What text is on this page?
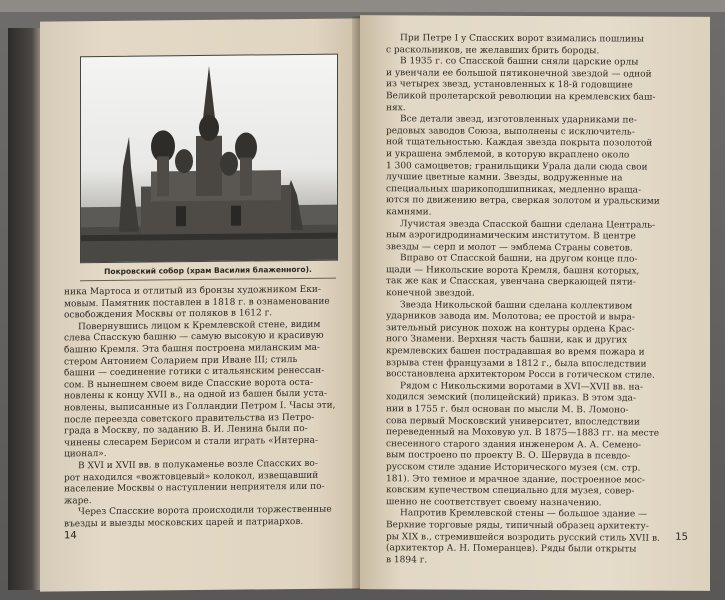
Покровский собор (храм Василия блаженного).
ника Мартоса и отлитый из бронзы художником Еки-
мовым. Памятник поставлен в 1818 г. в ознаменование
освобождения Москвы от поляков в 1612 г.
Повернувшись лицом к Кремлевской стене, видим
слева Спасскую башню — самую высокую и красивую
башню Кремля. Эта башня построена миланским ма-
стером Антонием Соларием при Иване III; стиль
башни — соединение готики с итальянским ренессан-
сом. В нынешнем своем виде Спасские ворота оста-
новлены к концу XVII в., на одной из башен были уста-
новлены, выписанные из Голландии Петром I. Часы эти,
после переезда советского правительства из Петро-
града в Москву, по заданию В. И. Ленина были по-
чинены слесарем Берисом и стали играть «Интерна-
ционал».
В XVI и XVII вв. в полукаменье возле Спасских во-
рот находился «вожтовцевый» колокол, извещавший
население Москвы о наступлении неприятеля или по-
жаре.
Через Спасские ворота происходили торжественные
въезды и выезды московских царей и патриархов.
14
При Петре I у Спасских ворот взимались пошлины
с раскольников, не желавших брить бороды.
В 1935 г. со Спасской башни сняли царские орлы
и увенчали ее большой пятиконечной звездой — одной
из четырех звезд, установленных к 18-й годовщине
Великой пролетарской революции на кремлевских баш-
нях.
Все детали звезд, изготовленных ударниками пе-
редовых заводов Союза, выполнены с исключитель-
ной тщательностью. Каждая звезда покрыта позолотой
и украшена эмблемой, в которую вкраплено около
1 300 самоцветов; гранильщики Урала дали сюда свои
лучшие цветные камни. Звезды, водруженные на
специальных шарикоподшипниках, медленно враща-
ются по движению ветра, сверкая золотом и уральскими
камнями.
Лучистая звезда Спасской башни сделана Централь-
ным аэрогидродинамическим институтом. В центре
звезды — серп и молот — эмблема Страны советов.
Вправо от Спасской башни, на другом конце пло-
щади — Никольские ворота Кремля, башня которых,
так же как и Спасская, увенчана сверкающей пяти-
конечной звездой.
Звезда Никольской башни сделана коллективом
ударников завода им. Молотова; ее простой и выра-
зительный рисунок похож на контуры ордена Крас-
ного Знамени. Верхняя часть башни, как и других
кремлевских башен пострадавшая во время пожара и
взрыва стен французами в 1812 г., была впоследствии
восстановлена архитектором Росси в готическом стиле.
Рядом с Никольскими воротами в XVI—XVII вв. на-
ходился земский (полицейский) приказ. В этом зда-
нии в 1755 г. был основан по мысли М. В. Ломоно-
сова первый Московский университет, впоследствии
переведенный на Моховую ул. В 1875—1883 гг. на месте
снесенного старого здания инженером А. А. Семено-
вым построено по проекту В. О. Шервуда в псевдо-
русском стиле здание Исторического музея (см. стр.
181). Это темное и мрачное здание, построенное мос-
ковским купечеством специально для музея, совер-
шенно не соответствует своему назначению.
Напротив Кремлевской стены — большое здание —
Верхние торговые ряды, типичный образец архитекту-
ры XIX в., стремившейся возродить русский стиль XVII в.
(архитектор А. Н. Померанцев). Ряды были открыты
в 1894 г.
15
